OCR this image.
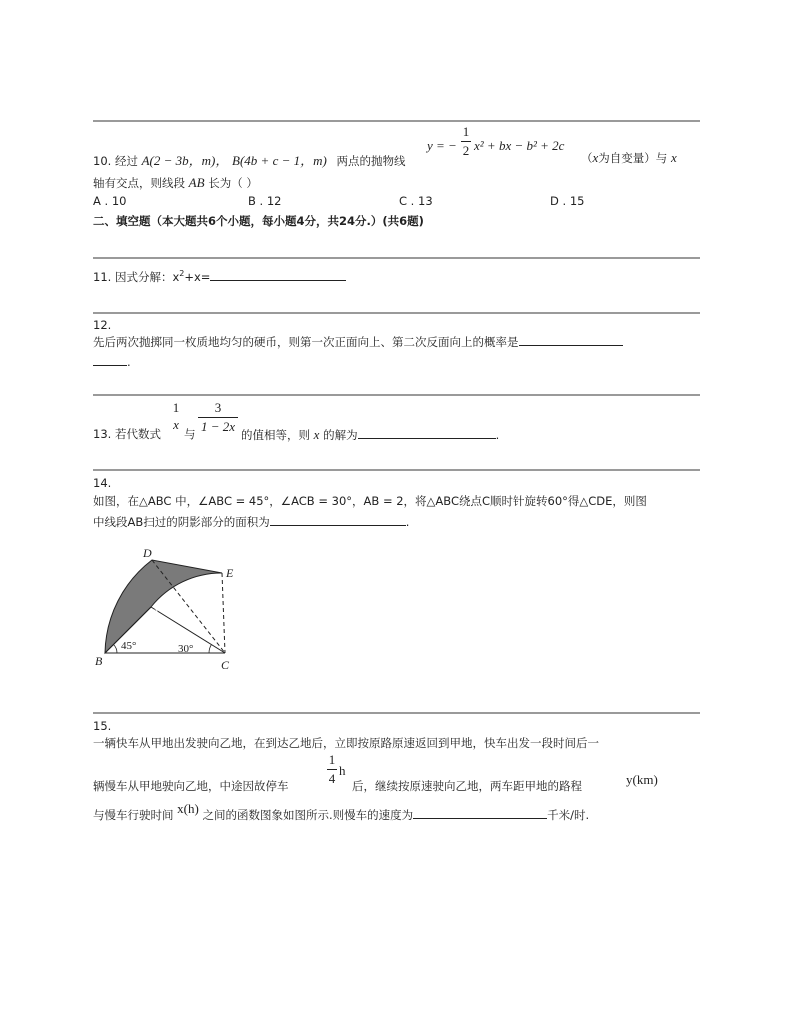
10. 经过 A(2 − 3b，m)， B(4b + c − 1，m) 两点的抛物线
y = −
1
2 x² + bx − b² + 2c
（x为自变量）与 x
轴有交点，则线段 AB 长为（ ）
A . 10	B . 12	C . 13	D . 15
二、填空题（本大题共6个小题，每小题4分，共24分.）(共6题)
11. 因式分解：$x^2+x=$
12.
先后两次抛掷同一枚质地均匀的硬币，则第一次正面向上、第二次反面向上的概率是
.
13. 若代数式
1
x
与
3
1 − 2x
的值相等，则 x 的解为	.
14.
如图，在△ABC 中，∠ABC = 45°，∠ACB = 30°，AB = 2，将△ABC绕点C顺时针旋转60°得△CDE，则图
中线段AB扫过的阴影部分的面积为	.
D
E
A
B	C
45°	30°
15.
一辆快车从甲地出发驶向乙地，在到达乙地后，立即按原路原速返回到甲地，快车出发一段时间后一
辆慢车从甲地驶向乙地，中途因故停车
1
4
h
后，继续按原速驶向乙地，两车距甲地的路程	y(km)
与慢车行驶时间 x(h) 之间的函数图象如图所示.则慢车的速度为	千米/时.
